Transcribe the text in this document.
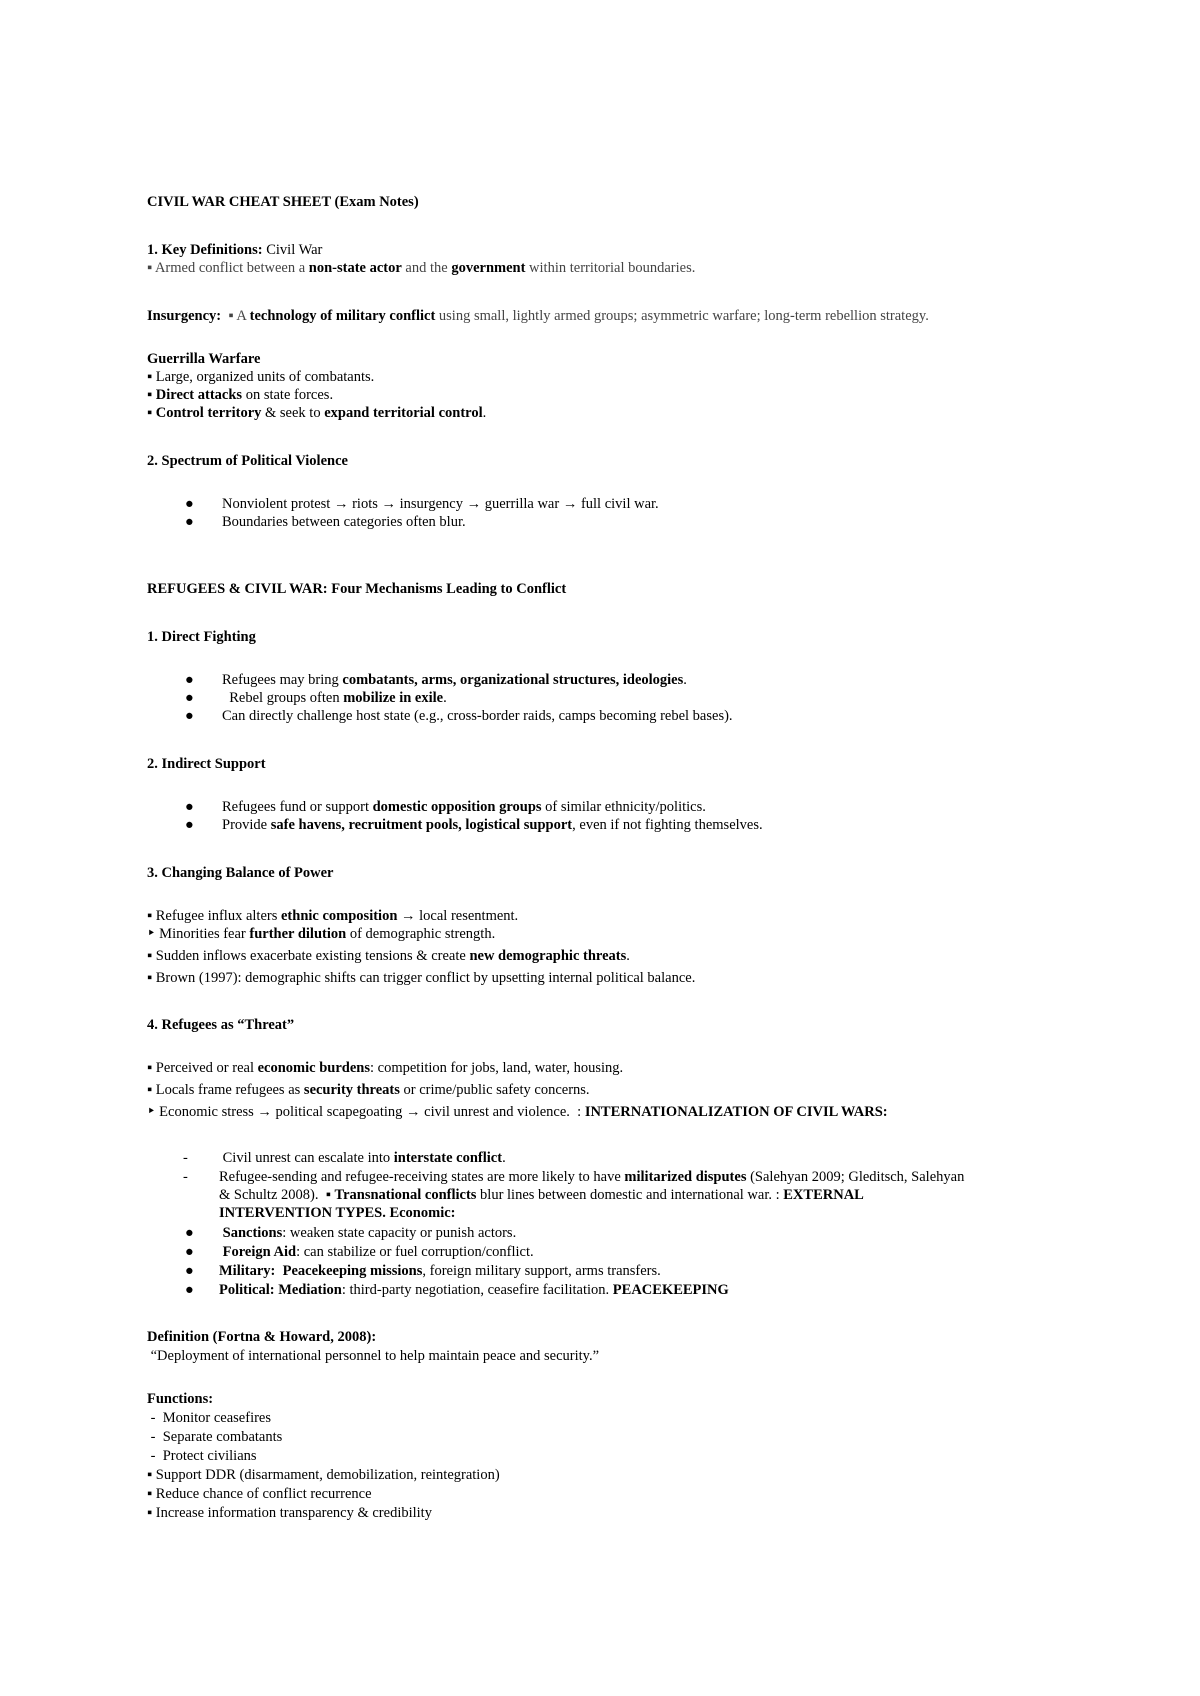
CIVIL WAR CHEAT SHEET (Exam Notes)
1. Key Definitions: Civil War
▪ Armed conflict between a non-state actor and the government within territorial boundaries.
Insurgency: ▪ A technology of military conflict using small, lightly armed groups; asymmetric warfare; long-term rebellion strategy.
Guerrilla Warfare
▪ Large, organized units of combatants.
▪ Direct attacks on state forces.
▪ Control territory & seek to expand territorial control.
2. Spectrum of Political Violence
● Nonviolent protest → riots → insurgency → guerrilla war → full civil war.
● Boundaries between categories often blur.
REFUGEES & CIVIL WAR: Four Mechanisms Leading to Conflict
1. Direct Fighting
● Refugees may bring combatants, arms, organizational structures, ideologies.
● Rebel groups often mobilize in exile.
● Can directly challenge host state (e.g., cross-border raids, camps becoming rebel bases).
2. Indirect Support
● Refugees fund or support domestic opposition groups of similar ethnicity/politics.
● Provide safe havens, recruitment pools, logistical support, even if not fighting themselves.
3. Changing Balance of Power
▪ Refugee influx alters ethnic composition → local resentment.
‣ Minorities fear further dilution of demographic strength.
▪ Sudden inflows exacerbate existing tensions & create new demographic threats.
▪ Brown (1997): demographic shifts can trigger conflict by upsetting internal political balance.
4. Refugees as “Threat”
▪ Perceived or real economic burdens: competition for jobs, land, water, housing.
▪ Locals frame refugees as security threats or crime/public safety concerns.
‣ Economic stress → political scapegoating → civil unrest and violence.  : INTERNATIONALIZATION OF CIVIL WARS:
- Civil unrest can escalate into interstate conflict.
- Refugee-sending and refugee-receiving states are more likely to have militarized disputes (Salehyan 2009; Gleditsch, Salehyan
& Schultz 2008).  ▪ Transnational conflicts blur lines between domestic and international war. : EXTERNAL
INTERVENTION TYPES. Economic:
● Sanctions: weaken state capacity or punish actors.
● Foreign Aid: can stabilize or fuel corruption/conflict.
● Military:  Peacekeeping missions, foreign military support, arms transfers.
● Political: Mediation: third-party negotiation, ceasefire facilitation. PEACEKEEPING
Definition (Fortna & Howard, 2008):
“Deployment of international personnel to help maintain peace and security.”
Functions:
-  Monitor ceasefires
-  Separate combatants
-  Protect civilians
▪ Support DDR (disarmament, demobilization, reintegration)
▪ Reduce chance of conflict recurrence
▪ Increase information transparency & credibility
